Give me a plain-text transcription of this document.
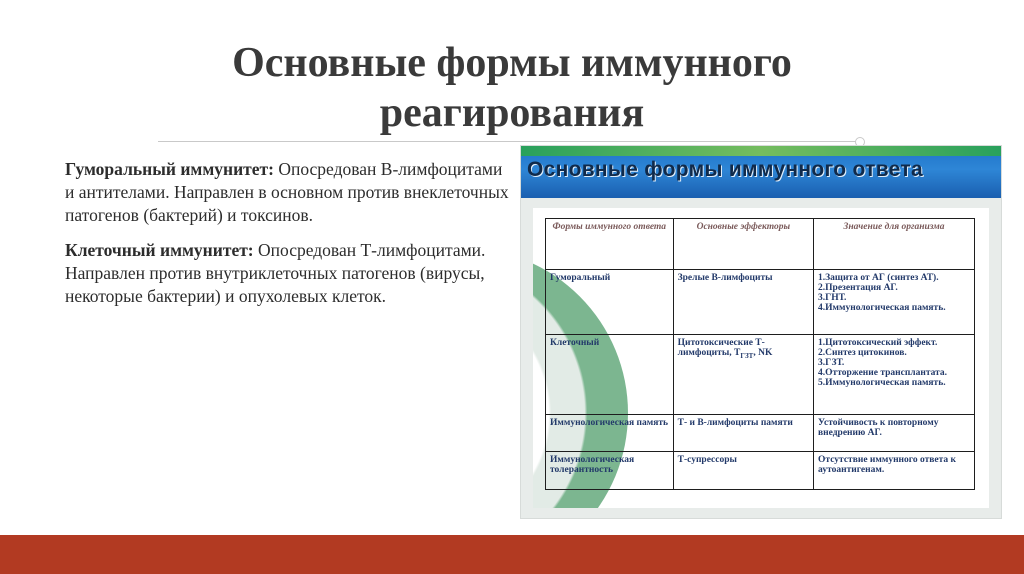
Основные формы иммунного реагирования

Гуморальный иммунитет: Опосредован В-лимфоцитами и антителами. Направлен в основном против внеклеточных патогенов (бактерий) и токсинов.

Клеточный иммунитет: Опосредован Т-лимфоцитами. Направлен против внутриклеточных патогенов (вирусы, некоторые бактерии) и опухолевых клеток.

Основные формы иммунного ответа
Формы иммунного ответа	Основные эффекторы	Значение для организма
Гуморальный	Зрелые В-лимфоциты	1.Защита от АГ (синтез АТ).
2.Презентация АГ.
3.ГНТ.
4.Иммунологическая память.

Клеточный	Цитотоксические Т-лимфоциты, $Т_{ГЗТ}$, NK	1.Цитотоксический эффект.
2.Синтез цитокинов.
3.ГЗТ.
4.Отторжение трансплантата.
5.Иммунологическая память.

Иммунологическая память	Т- и В-лимфоциты памяти	Устойчивость к повторному внедрению АГ.

Иммунологическая толерантность	Т-супрессоры	Отсутствие иммунного ответа к аутоантигенам.
